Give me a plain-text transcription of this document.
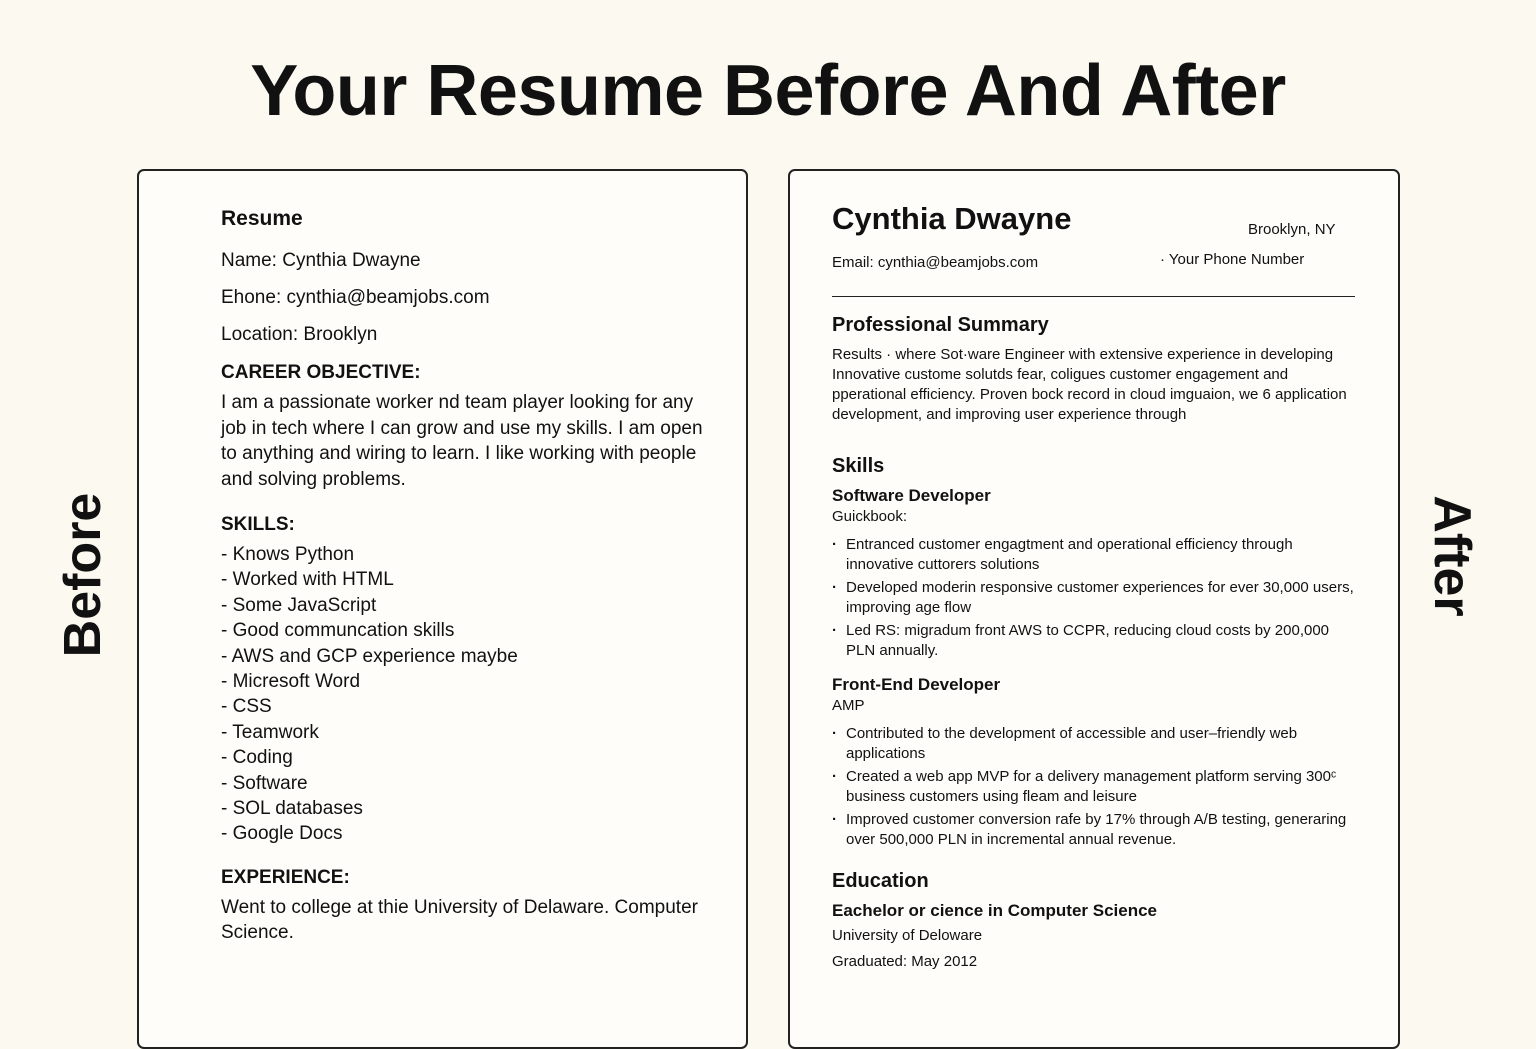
Your Resume Before And After
Before	After
Resume
Name: Cynthia Dwayne
Ehone: cynthia@beamjobs.com
Location: Brooklyn
CAREER OBJECTIVE:

I am a passionate worker nd team player looking for any job in tech where I can grow and use my skills. I am open to anything and wiring to learn. I like working with people and solving problems.

SKILLS:
- Knows Python
- Worked with HTML
- Some JavaScript
- Good communcation skills
- AWS and GCP experience maybe
- Micresoft Word
- CSS
- Teamwork
- Coding
- Software
- SOL databases
- Google Docs
EXPERIENCE:

Went to college at thie University of Delaware. Computer Science.

Cynthia Dwayne	Brooklyn, NY
Email: cynthia@beamjobs.com	· Your Phone Number
Professional Summary

Results · where Sot·ware Engineer with extensive experience in developing Innovative custome solutds fear, coligues customer engagement and pperational efficiency. Proven bock record in cloud imguaion, we 6 application development, and improving user experience through

Skills
Software Developer
Guickbook:
· Entranced customer engagtment and operational efficiency through innovative cuttorers solutions
· Developed moderin responsive customer experiences for ever 30,000 users, improving age flow
· Led RS: migradum front AWS to CCPR, reducing cloud costs by 200,000 PLN annually.
Front-End Developer
AMP
· Contributed to the development of accessible and user–friendly web applications
· Created a web app MVP for a delivery management platform serving 300ᶜ business customers using fleam and leisure
· Improved customer conversion rafe by 17% through A/B testing, generaring over 500,000 PLN in incremental annual revenue.
Education
Eachelor or cience in Computer Science
University of Deloware
Graduated: May 2012
